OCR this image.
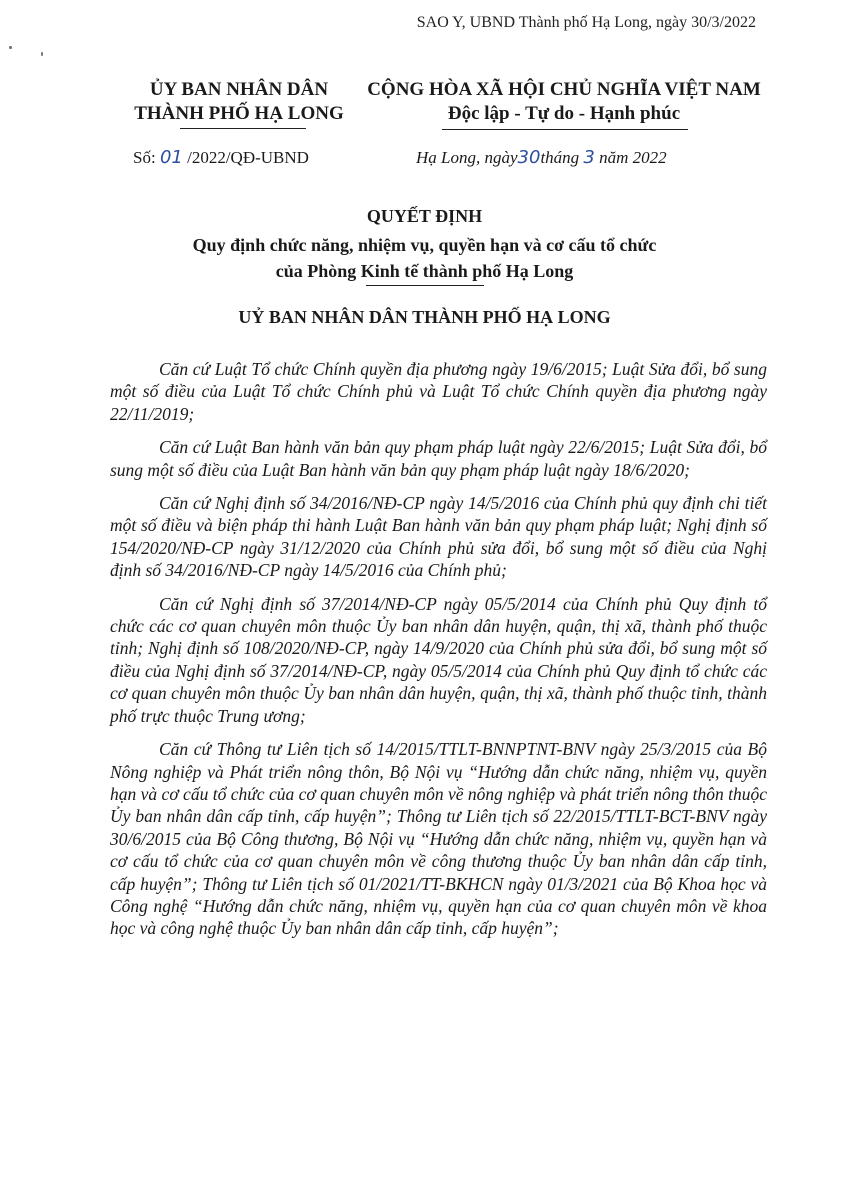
SAO Y, UBND Thành phố Hạ Long, ngày 30/3/2022
ỦY BAN NHÂN DÂN
THÀNH PHỐ HẠ LONG
CỘNG HÒA XÃ HỘI CHỦ NGHĨA VIỆT NAM
Độc lập - Tự do - Hạnh phúc
Số: 01 /2022/QĐ-UBND	Hạ Long, ngày30tháng 3 năm 2022
QUYẾT ĐỊNH
Quy định chức năng, nhiệm vụ, quyền hạn và cơ cấu tổ chức
của Phòng Kinh tế thành phố Hạ Long
UỶ BAN NHÂN DÂN THÀNH PHỐ HẠ LONG

Căn cứ Luật Tổ chức Chính quyền địa phương ngày 19/6/2015; Luật Sửa đổi, bổ sung một số điều của Luật Tổ chức Chính phủ và Luật Tổ chức Chính quyền địa phương ngày 22/11/2019;

Căn cứ Luật Ban hành văn bản quy phạm pháp luật ngày 22/6/2015; Luật Sửa đổi, bổ sung một số điều của Luật Ban hành văn bản quy phạm pháp luật ngày 18/6/2020;

Căn cứ Nghị định số 34/2016/NĐ-CP ngày 14/5/2016 của Chính phủ quy định chi tiết một số điều và biện pháp thi hành Luật Ban hành văn bản quy phạm pháp luật; Nghị định số 154/2020/NĐ-CP ngày 31/12/2020 của Chính phủ sửa đổi, bổ sung một số điều của Nghị định số 34/2016/NĐ-CP ngày 14/5/2016 của Chính phủ;

Căn cứ Nghị định số 37/2014/NĐ-CP ngày 05/5/2014 của Chính phủ Quy định tổ chức các cơ quan chuyên môn thuộc Ủy ban nhân dân huyện, quận, thị xã, thành phố thuộc tỉnh; Nghị định số 108/2020/NĐ-CP, ngày 14/9/2020 của Chính phủ sửa đổi, bổ sung một số điều của Nghị định số 37/2014/NĐ-CP, ngày 05/5/2014 của Chính phủ Quy định tổ chức các cơ quan chuyên môn thuộc Ủy ban nhân dân huyện, quận, thị xã, thành phố thuộc tỉnh, thành phố trực thuộc Trung ương;

Căn cứ Thông tư Liên tịch số 14/2015/TTLT-BNNPTNT-BNV ngày 25/3/2015 của Bộ Nông nghiệp và Phát triển nông thôn, Bộ Nội vụ “Hướng dẫn chức năng, nhiệm vụ, quyền hạn và cơ cấu tổ chức của cơ quan chuyên môn về nông nghiệp và phát triển nông thôn thuộc Ủy ban nhân dân cấp tỉnh, cấp huyện”; Thông tư Liên tịch số 22/2015/TTLT-BCT-BNV ngày 30/6/2015 của Bộ Công thương, Bộ Nội vụ “Hướng dẫn chức năng, nhiệm vụ, quyền hạn và cơ cấu tổ chức của cơ quan chuyên môn về công thương thuộc Ủy ban nhân dân cấp tỉnh, cấp huyện”; Thông tư Liên tịch số 01/2021/TT-BKHCN ngày 01/3/2021 của Bộ Khoa học và Công nghệ “Hướng dẫn chức năng, nhiệm vụ, quyền hạn của cơ quan chuyên môn về khoa học và công nghệ thuộc Ủy ban nhân dân cấp tỉnh, cấp huyện”;
